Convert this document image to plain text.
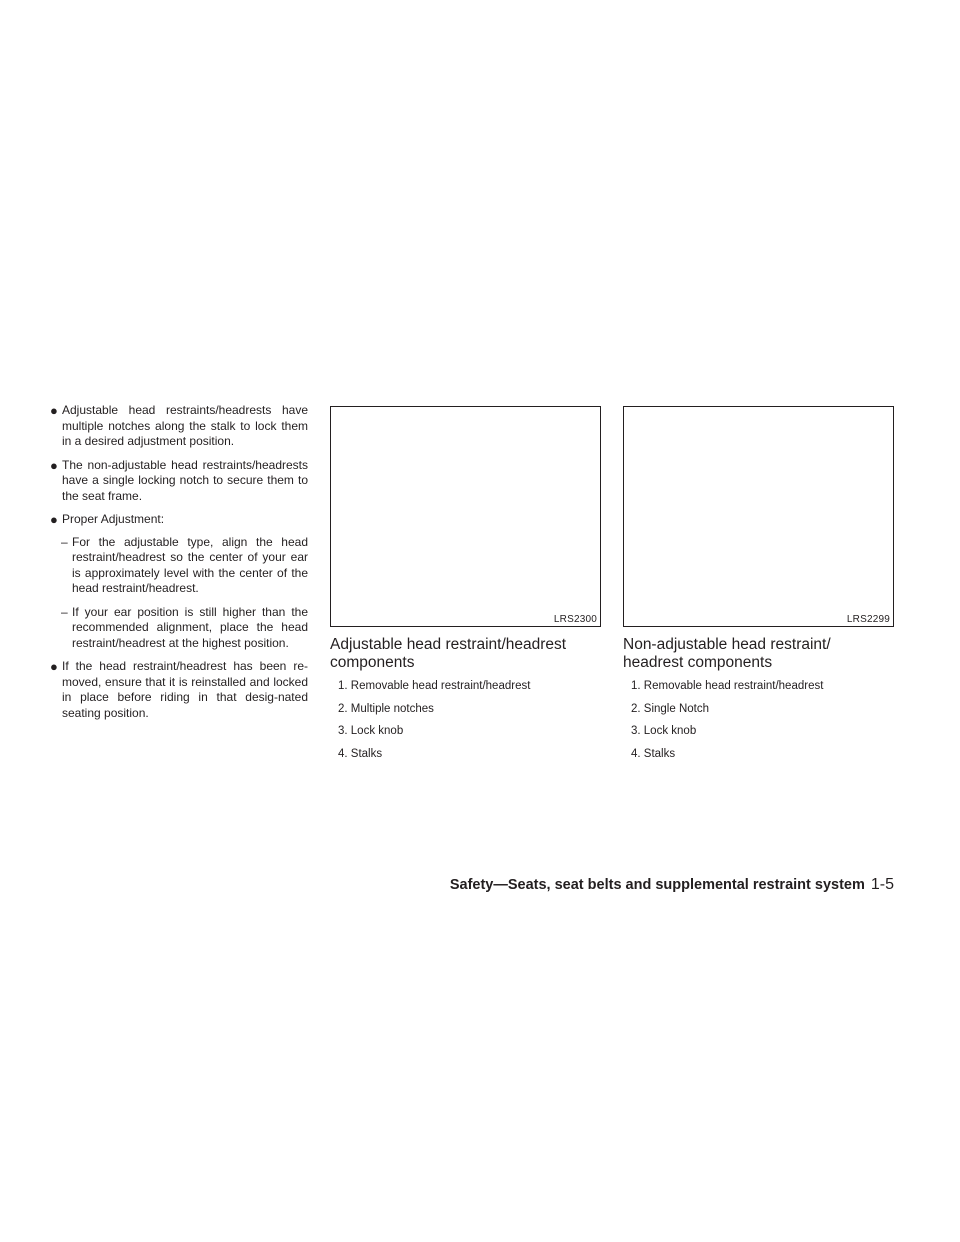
● Adjustable head restraints/headrests have multiple notches along the stalk to lock them in a desired adjustment position.
● The non-adjustable head restraints/headrests have a single locking notch to secure them to the seat frame.
● Proper Adjustment:
– For the adjustable type, align the head restraint/headrest so the center of your ear is approximately level with the center of the head restraint/headrest.
– If your ear position is still higher than the recommended alignment, place the head restraint/headrest at the highest position.
● If the head restraint/headrest has been re-moved, ensure that it is reinstalled and locked in place before riding in that desig-nated seating position.
LRS2300
Adjustable head restraint/headrest components
1. Removable head restraint/headrest
2. Multiple notches
3. Lock knob
4. Stalks
LRS2299
Non-adjustable head restraint/ headrest components
1. Removable head restraint/headrest
2. Single Notch
3. Lock knob
4. Stalks
Safety—Seats, seat belts and supplemental restraint system 1-5
